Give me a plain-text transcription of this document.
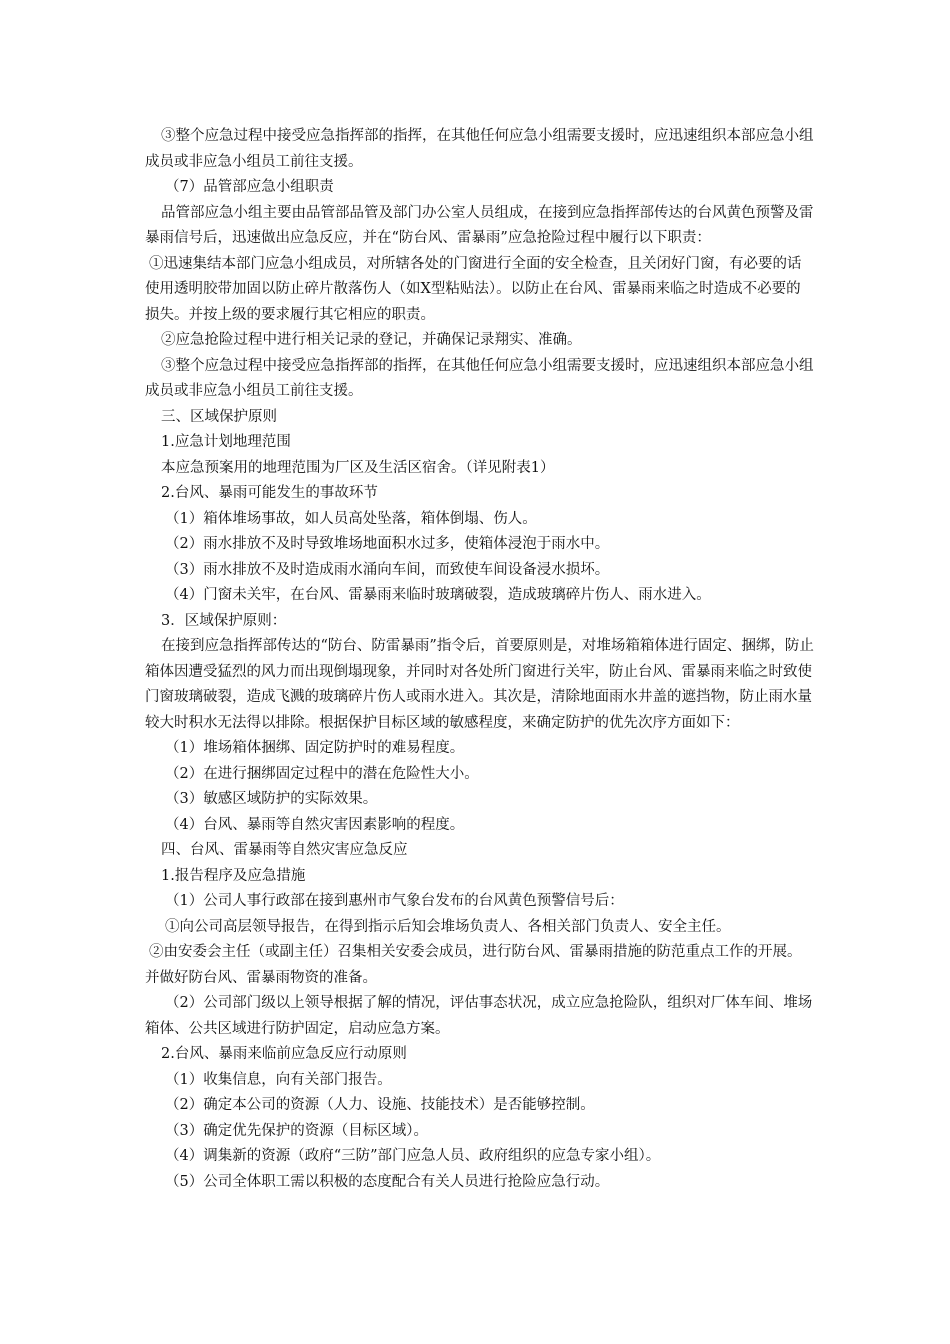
③整个应急过程中接受应急指挥部的指挥，在其他任何应急小组需要支援时，应迅速组织本部应急小组成员或非应急小组员工前往支援。

（7）品管部应急小组职责

品管部应急小组主要由品管部品管及部门办公室人员组成，在接到应急指挥部传达的台风黄色预警及雷暴雨信号后，迅速做出应急反应，并在“防台风、雷暴雨”应急抢险过程中履行以下职责：

①迅速集结本部门应急小组成员，对所辖各处的门窗进行全面的安全检查，且关闭好门窗，有必要的话使用透明胶带加固以防止碎片散落伤人（如X型粘贴法）。以防止在台风、雷暴雨来临之时造成不必要的损失。并按上级的要求履行其它相应的职责。

②应急抢险过程中进行相关记录的登记，并确保记录翔实、准确。

③整个应急过程中接受应急指挥部的指挥，在其他任何应急小组需要支援时，应迅速组织本部应急小组成员或非应急小组员工前往支援。

三、区域保护原则

1.应急计划地理范围

本应急预案用的地理范围为厂区及生活区宿舍。（详见附表1）

2.台风、暴雨可能发生的事故环节

（1）箱体堆场事故，如人员高处坠落，箱体倒塌、伤人。

（2）雨水排放不及时导致堆场地面积水过多，使箱体浸泡于雨水中。

（3）雨水排放不及时造成雨水涌向车间，而致使车间设备浸水损坏。

（4）门窗未关牢，在台风、雷暴雨来临时玻璃破裂，造成玻璃碎片伤人、雨水进入。

3．区域保护原则：

在接到应急指挥部传达的“防台、防雷暴雨”指令后，首要原则是，对堆场箱箱体进行固定、捆绑，防止箱体因遭受猛烈的风力而出现倒塌现象，并同时对各处所门窗进行关牢，防止台风、雷暴雨来临之时致使门窗玻璃破裂，造成飞溅的玻璃碎片伤人或雨水进入。其次是，清除地面雨水井盖的遮挡物，防止雨水量较大时积水无法得以排除。根据保护目标区域的敏感程度，来确定防护的优先次序方面如下：

（1）堆场箱体捆绑、固定防护时的难易程度。

（2）在进行捆绑固定过程中的潜在危险性大小。

（3）敏感区域防护的实际效果。

（4）台风、暴雨等自然灾害因素影响的程度。

四、台风、雷暴雨等自然灾害应急反应

1.报告程序及应急措施

（1）公司人事行政部在接到惠州市气象台发布的台风黄色预警信号后：

①向公司高层领导报告，在得到指示后知会堆场负责人、各相关部门负责人、安全主任。

②由安委会主任（或副主任）召集相关安委会成员，进行防台风、雷暴雨措施的防范重点工作的开展。并做好防台风、雷暴雨物资的准备。

（2）公司部门级以上领导根据了解的情况，评估事态状况，成立应急抢险队，组织对厂体车间、堆场箱体、公共区域进行防护固定，启动应急方案。

2.台风、暴雨来临前应急反应行动原则

（1）收集信息，向有关部门报告。

（2）确定本公司的资源（人力、设施、技能技术）是否能够控制。

（3）确定优先保护的资源（目标区域）。

（4）调集新的资源（政府“三防”部门应急人员、政府组织的应急专家小组）。

（5）公司全体职工需以积极的态度配合有关人员进行抢险应急行动。
